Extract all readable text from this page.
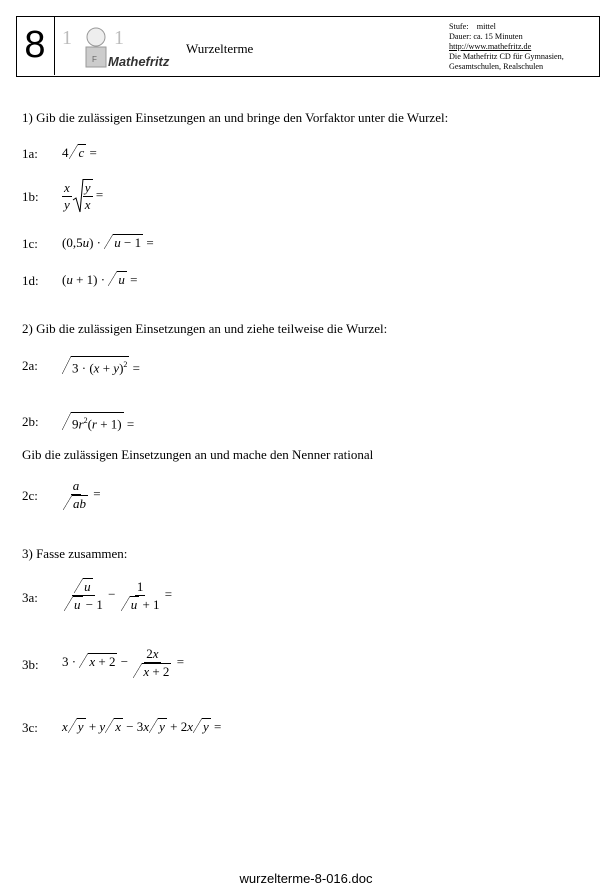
8 1 1
F Mathefritz
Wurzelterme
Stufe:    mittel
Dauer: ca. 15 Minuten
http://www.mathefritz.de
Die Mathefritz CD für Gymnasien,
Gesamtschulen, Realschulen
1) Gib die zulässigen Einsetzungen an und bringe den Vorfaktor unter die Wurzel:
1a: 4 c =
1b: $\frac{x}{y} \frac{y}{x}$ =
1c: (0,5u) · u − 1 =
1d: (u + 1) · u =
2) Gib die zulässigen Einsetzungen an und ziehe teilweise die Wurzel:
2a:	$3 \cdot (x + y)^2$ =
2b:	$9r^2(r + 1)$ =
Gib die zulässigen Einsetzungen an und mache den Nenner rational
2c: $\frac{a}{ab}$ =
3) Fasse zusammen:
3a: $\frac{u}{u - 1} - \frac{1}{u + 1}$ =
3b: $3 \cdot x + 2 - \frac{2x}{x + 2}$ =
3c: x y + y x − 3x y + 2x y =
wurzelterme-8-016.doc
